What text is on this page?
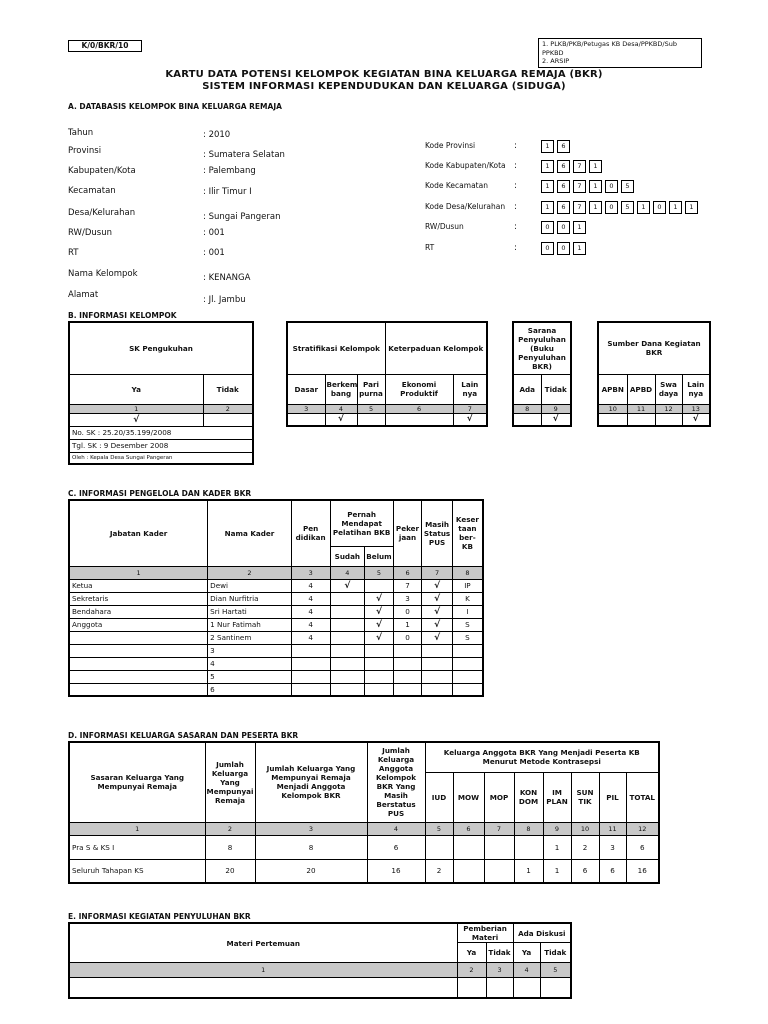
K/0/BKR/10	1. PLKB/PKB/Petugas KB Desa/PPKBD/Sub PPKBD
2. ARSIP
KARTU DATA POTENSI KELOMPOK KEGIATAN BINA KELUARGA REMAJA (BKR)
SISTEM INFORMASI KEPENDUDUKAN DAN KELUARGA (SIDUGA)
A. DATABASIS KELOMPOK BINA KELUARGA REMAJA
Tahun	: 2010
Provinsi	: Sumatera Selatan
Kabupaten/Kota	: Palembang
Kecamatan	: Ilir Timur I
Desa/Kelurahan	: Sungai Pangeran
RW/Dusun	: 001
RT	: 001
Nama Kelompok	: KENANGA
Alamat	: Jl. Jambu
Kode Provinsi	:	1	6
Kode Kabupaten/Kota :	1	6	7	1
Kode Kecamatan	:	1	6	7	1	0	5
Kode Desa/Kelurahan :	1	6	7	1	0	5	1	0	1	1
RW/Dusun	:	0	0	1
RT	:	0	0	1
B. INFORMASI KELOMPOK
SK Pengukuhan	
Ya	Tidak
1	2
√	
No. SK : 25.20/35.199/2008	
Tgl. SK : 9 Desember 2008	
Oleh : Kepala Desa Sungai Pangeran	
Stratifikasi Kelompok			Keterpaduan Kelompok	
Dasar	Berkem bang	Pari purna	Ekonomi Produktif	Lain nya
3	4	5	6	7
	√			√
Sarana Penyuluhan (Buku Penyuluhan BKR)	
Ada	Tidak
8	9
	√
Sumber Dana Kegiatan BKR			
APBN	APBD	Swa daya	Lain nya
10	11	12	13
			√
C. INFORMASI PENGELOLA DAN KADER BKR
Jabatan Kader	Nama Kader	Pen didikan	Pernah Mendapat Pelatihan BKB		Peker jaan	Masih Status PUS	Keser taan ber- KB
			Sudah	Belum			
1	2	3	4	5	6	7	8
Ketua	Dewi	4	√		7	√	IP
Sekretaris	Dian Nurfitria	4		√	3	√	K
Bendahara	Sri Hartati	4		√	0	√	I
Anggota	1 Nur Fatimah	4		√	1	√	S
	2 Santinem	4		√	0	√	S
	3						
	4						
	5						
	6						
D. INFORMASI KELUARGA SASARAN DAN PESERTA BKR
Sasaran Keluarga Yang Mempunyai Remaja	Jumlah Keluarga Yang Mempunyai Remaja	Jumlah Keluarga Yang Mempunyai Remaja Menjadi Anggota Kelompok BKR	Jumlah Keluarga Anggota Kelompok BKR Yang Masih Berstatus PUS	Keluarga Anggota BKR Yang Menjadi Peserta KB Menurut Metode Kontrasepsi							
				IUD	MOW	MOP	KON DOM	IM PLAN	SUN TIK	PIL	TOTAL
1	2	3	4	5	6	7	8	9	10	11	12
Pra S & KS I	8	8	6					1	2	3	6
Seluruh Tahapan KS	20	20	16	2			1	1	6	6	16
E. INFORMASI KEGIATAN PENYULUHAN BKR
Materi Pertemuan	Pemberian Materi		Ada Diskusi	
	Ya	Tidak	Ya	Tidak
1	2	3	4	5
